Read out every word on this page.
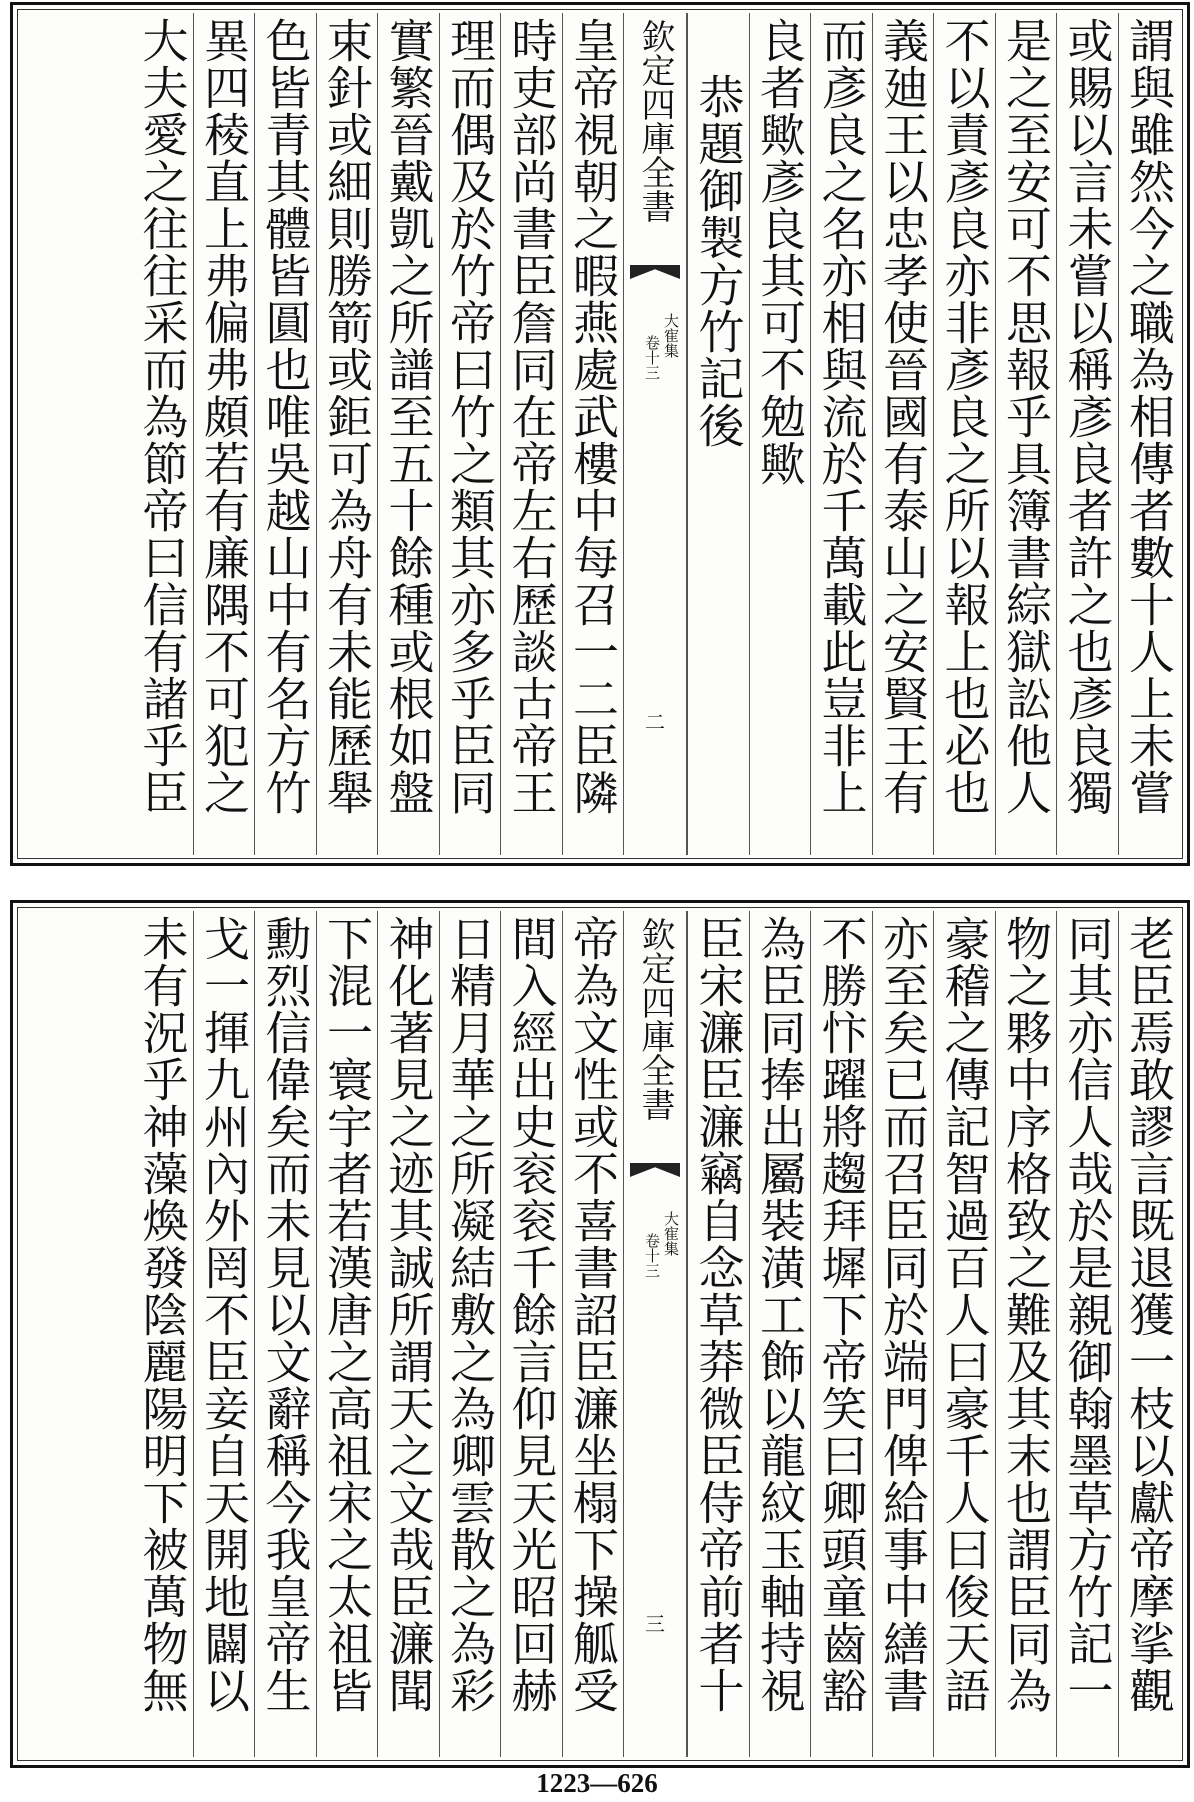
謂與雖然今之職為相傳者數十人上未嘗
或賜以言未嘗以稱彥良者許之也彥良獨
是之至安可不思報乎具簿書綜獄訟他人
不以責彥良亦非彥良之所以報上也必也
義廸王以忠孝使晉國有泰山之安賢王有
而彥良之名亦相與流於千萬載此豈非上
良者歟彥良其可不勉歟
恭題御製方竹記後
欽定四庫全書
大寉集
卷十三
二
皇帝視朝之暇燕處武樓中每召一二臣隣
時吏部尚書臣詹同在帝左右歷談古帝王
理而偶及於竹帝曰竹之類其亦多乎臣同
實繁晉戴凱之所譜至五十餘種或根如盤
束針或細則勝箭或鉅可為舟有未能歷舉
色皆青其體皆圓也唯吳越山中有名方竹
異四稜直上弗偏弗頗若有廉隅不可犯之
大夫愛之往往采而為節帝曰信有諸乎臣
老臣焉敢謬言既退獲一枝以獻帝摩挲觀
同其亦信人哉於是親御翰墨草方竹記一
物之夥中序格致之難及其末也謂臣同為
豪稽之傳記智過百人曰豪千人曰俊天語
亦至矣已而召臣同於端門俾給事中繕書
不勝忭躍將趨拜墀下帝笑曰卿頭童齒豁
為臣同捧出屬裝潢工飾以龍紋玉軸持視
臣宋濂臣濂竊自念草莽微臣侍帝前者十
欽定四庫全書
大寉集
卷十三
三
帝為文性或不喜書詔臣濂坐榻下操觚受
間入經出史衮衮千餘言仰見天光昭回赫
日精月華之所凝結敷之為卿雲散之為彩
神化著見之迹其誠所謂天之文哉臣濂聞
下混一寰宇者若漢唐之高祖宋之太祖皆
勳烈信偉矣而未見以文辭稱今我皇帝生
戈一揮九州內外罔不臣妾自天開地闢以
未有況乎神藻煥發陰麗陽明下被萬物無
1223—626
